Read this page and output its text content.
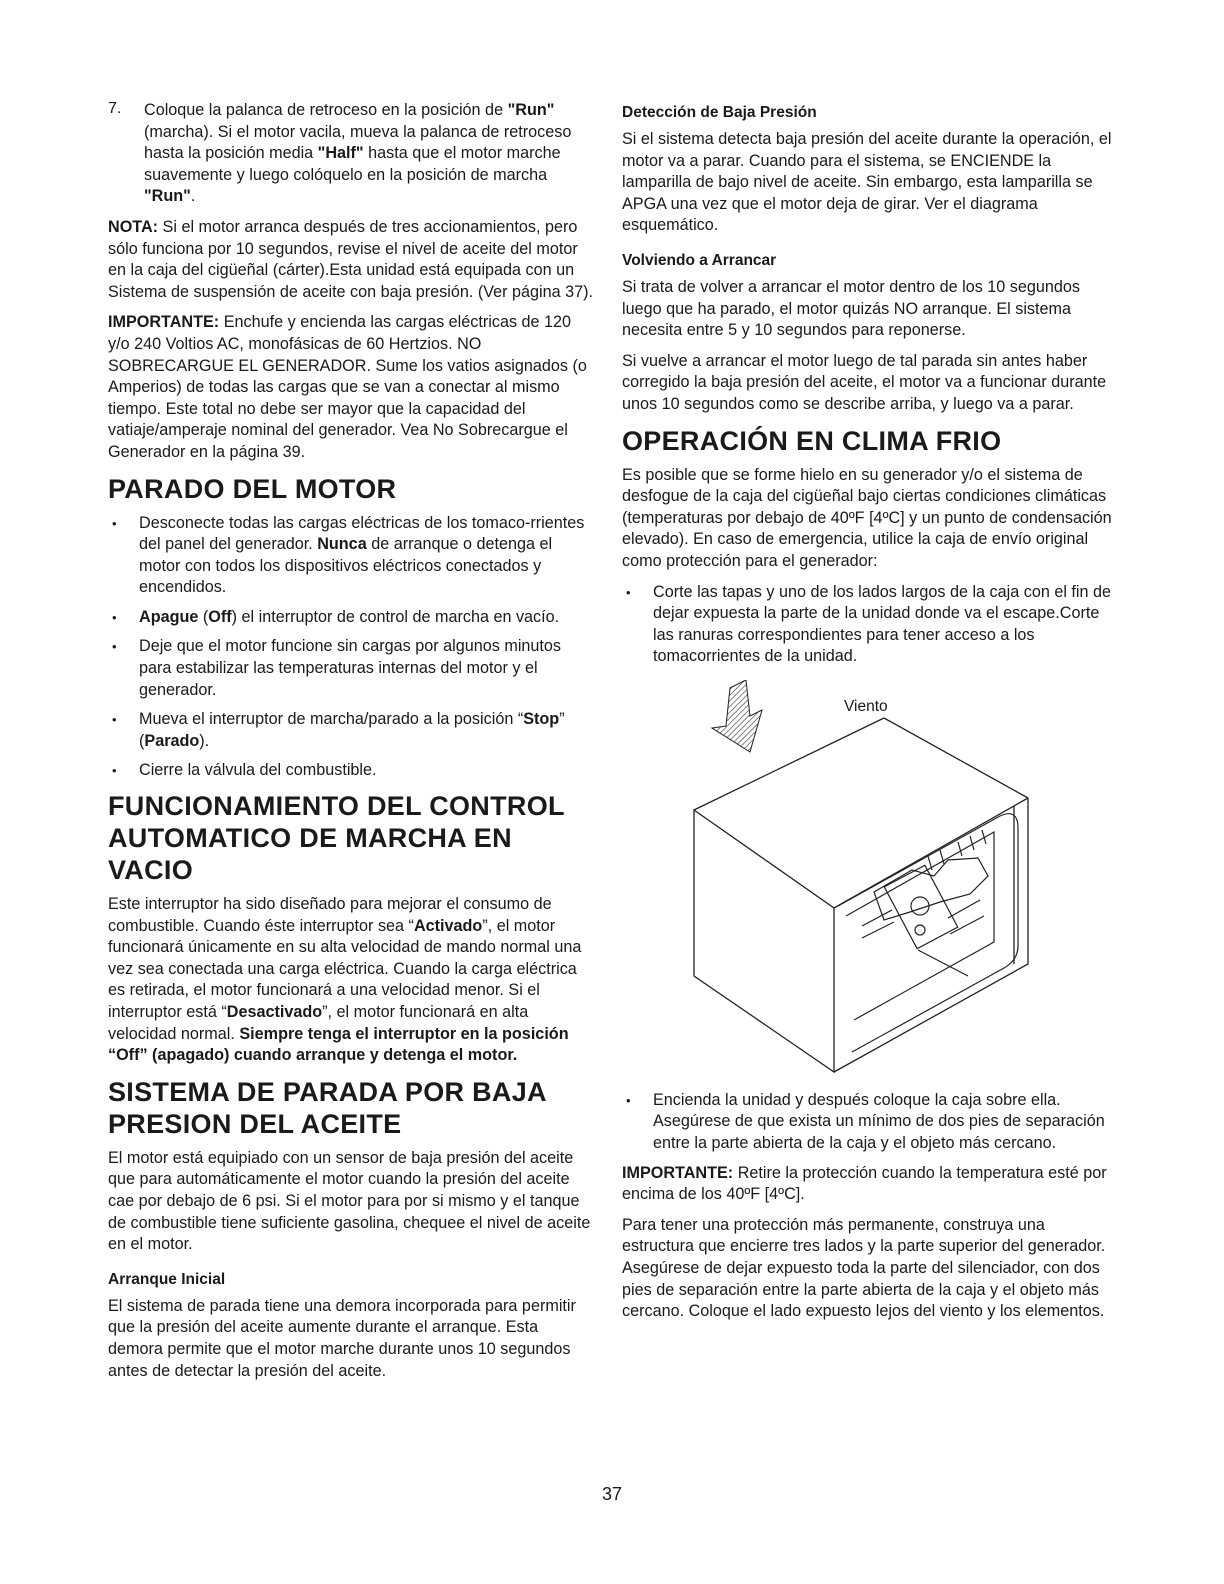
7.	Coloque la palanca de retroceso en la posición de "Run" (marcha). Si el motor vacila, mueva la palanca de retroceso hasta la posición media "Half" hasta que el motor marche suavemente y luego colóquelo en la posición de marcha "Run".

NOTA: Si el motor arranca después de tres accionamientos, pero sólo funciona por 10 segundos, revise el nivel de aceite del motor en la caja del cigüeñal (cárter).Esta unidad está equipada con un Sistema de suspensión de aceite con baja presión. (Ver página 37).

IMPORTANTE: Enchufe y encienda las cargas eléctricas de 120 y/o 240 Voltios AC, monofásicas de 60 Hertzios. NO SOBRECARGUE EL GENERADOR. Sume los vatios asignados (o Amperios) de todas las cargas que se van a conectar al mismo tiempo. Este total no debe ser mayor que la capacidad del vatiaje/amperaje nominal del generador. Vea No Sobrecargue el Generador en la página 39.

PARADO DEL MOTOR
• Desconecte todas las cargas eléctricas de los tomaco-rrientes del panel del generador. Nunca de arranque o detenga el motor con todos los dispositivos eléctricos conectados y encendidos.
• Apague (Off) el interruptor de control de marcha en vacío.
• Deje que el motor funcione sin cargas por algunos minutos para estabilizar las temperaturas internas del motor y el generador.
• Mueva el interruptor de marcha/parado a la posición “Stop” (Parado).
• Cierre la válvula del combustible.
FUNCIONAMIENTO DEL CONTROL AUTOMATICO DE MARCHA EN VACIO

Este interruptor ha sido diseñado para mejorar el consumo de combustible. Cuando éste interruptor sea “Activado”, el motor funcionará únicamente en su alta velocidad de mando normal una vez sea conectada una carga eléctrica. Cuando la carga eléctrica es retirada, el motor funcionará a una velocidad menor. Si el interruptor está “Desactivado”, el motor funcionará en alta velocidad normal. Siempre tenga el interruptor en la posición “Off” (apagado) cuando arranque y detenga el motor.

SISTEMA DE PARADA POR BAJA PRESION DEL ACEITE

El motor está equipiado con un sensor de baja presión del aceite que para automáticamente el motor cuando la presión del aceite cae por debajo de 6 psi. Si el motor para por si mismo y el tanque de combustible tiene suficiente gasolina, chequee el nivel de aceite en el motor.

Arranque Inicial

El sistema de parada tiene una demora incorporada para permitir que la presión del aceite aumente durante el arranque. Esta demora permite que el motor marche durante unos 10 segundos antes de detectar la presión del aceite.

Detección de Baja Presión

Si el sistema detecta baja presión del aceite durante la operación, el motor va a parar. Cuando para el sistema, se ENCIENDE la lamparilla de bajo nivel de aceite. Sin embargo, esta lamparilla se APGA una vez que el motor deja de girar. Ver el diagrama esquemático.

Volviendo a Arrancar

Si trata de volver a arrancar el motor dentro de los 10 segundos luego que ha parado, el motor quizás NO arranque. El sistema necesita entre 5 y 10 segundos para reponerse.

Si vuelve a arrancar el motor luego de tal parada sin antes haber corregido la baja presión del aceite, el motor va a funcionar durante unos 10 segundos como se describe arriba, y luego va a parar.

OPERACIÓN EN CLIMA FRIO

Es posible que se forme hielo en su generador y/o el sistema de desfogue de la caja del cigüeñal bajo ciertas condiciones climáticas (temperaturas por debajo de 40ºF [4ºC] y un punto de condensación elevado). En caso de emergencia, utilice la caja de envío original como protección para el generador:

• Corte las tapas y uno de los lados largos de la caja con el fin de dejar expuesta la parte de la unidad donde va el escape.Corte las ranuras correspondientes para tener acceso a los tomacorrientes de la unidad.
Viento
• Encienda la unidad y después coloque la caja sobre ella. Asegúrese de que exista un mínimo de dos pies de separación entre la parte abierta de la caja y el objeto más cercano.

IMPORTANTE: Retire la protección cuando la temperatura esté por encima de los 40ºF [4ºC].

Para tener una protección más permanente, construya una estructura que encierre tres lados y la parte superior del generador. Asegúrese de dejar expuesto toda la parte del silenciador, con dos pies de separación entre la parte abierta de la caja y el objeto más cercano. Coloque el lado expuesto lejos del viento y los elementos.

37
